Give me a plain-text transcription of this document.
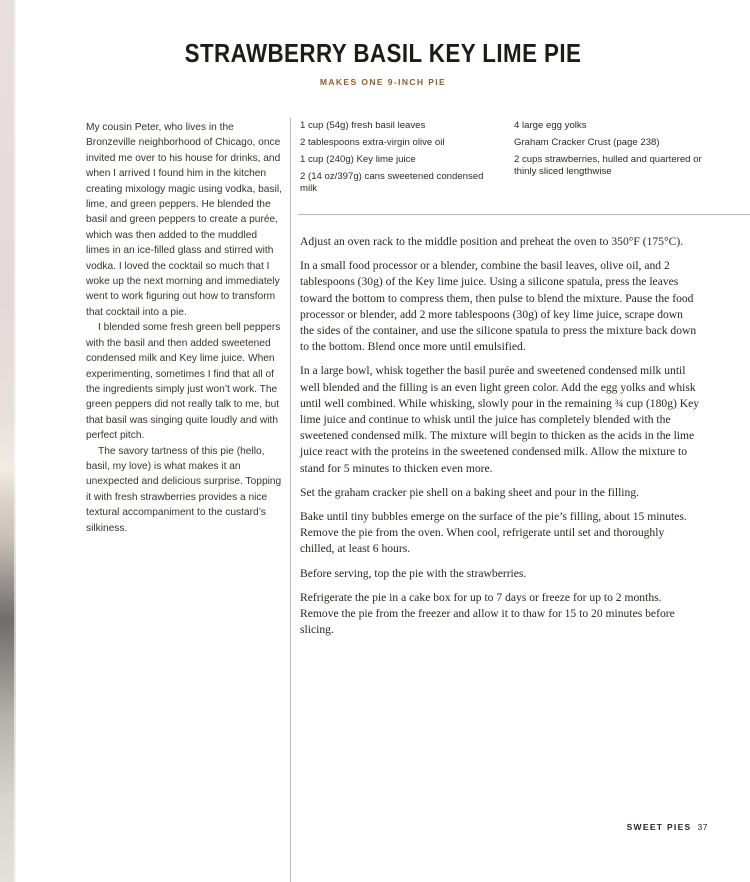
STRAWBERRY BASIL KEY LIME PIE
MAKES ONE 9-INCH PIE

My cousin Peter, who lives in the Bronzeville neighborhood of Chicago, once invited me over to his house for drinks, and when I arrived I found him in the kitchen creating mixology magic using vodka, basil, lime, and green peppers. He blended the basil and green peppers to create a purée, which was then added to the muddled limes in an ice-filled glass and stirred with vodka. I loved the cocktail so much that I woke up the next morning and immediately went to work figuring out how to transform that cocktail into a pie.

I blended some fresh green bell peppers with the basil and then added sweetened condensed milk and Key lime juice. When experimenting, sometimes I find that all of the ingredients simply just won’t work. The green peppers did not really talk to me, but that basil was singing quite loudly and with perfect pitch.

The savory tartness of this pie (hello, basil, my love) is what makes it an unexpected and delicious surprise. Topping it with fresh strawberries provides a nice textural accompaniment to the custard’s silkiness.

1 cup (54g) fresh basil leaves
2 tablespoons extra-virgin olive oil
1 cup (240g) Key lime juice
2 (14 oz/397g) cans sweetened condensed milk
4 large egg yolks
Graham Cracker Crust (page 238)
2 cups strawberries, hulled and quartered or thinly sliced lengthwise

Adjust an oven rack to the middle position and preheat the oven to 350°F (175°C).

In a small food processor or a blender, combine the basil leaves, olive oil, and 2 tablespoons (30g) of the Key lime juice. Using a silicone spatula, press the leaves toward the bottom to compress them, then pulse to blend the mixture. Pause the food processor or blender, add 2 more tablespoons (30g) of key lime juice, scrape down the sides of the container, and use the silicone spatula to press the mixture back down to the bottom. Blend once more until emulsified.

In a large bowl, whisk together the basil purée and sweetened condensed milk until well blended and the filling is an even light green color. Add the egg yolks and whisk until well combined. While whisking, slowly pour in the remaining ¾ cup (180g) Key lime juice and continue to whisk until the juice has completely blended with the sweetened condensed milk. The mixture will begin to thicken as the acids in the lime juice react with the proteins in the sweetened condensed milk. Allow the mixture to stand for 5 minutes to thicken even more.

Set the graham cracker pie shell on a baking sheet and pour in the filling.

Bake until tiny bubbles emerge on the surface of the pie’s filling, about 15 minutes. Remove the pie from the oven. When cool, refrigerate until set and thoroughly chilled, at least 6 hours.

Before serving, top the pie with the strawberries.

Refrigerate the pie in a cake box for up to 7 days or freeze for up to 2 months. Remove the pie from the freezer and allow it to thaw for 15 to 20 minutes before slicing.

SWEET PIES 37
